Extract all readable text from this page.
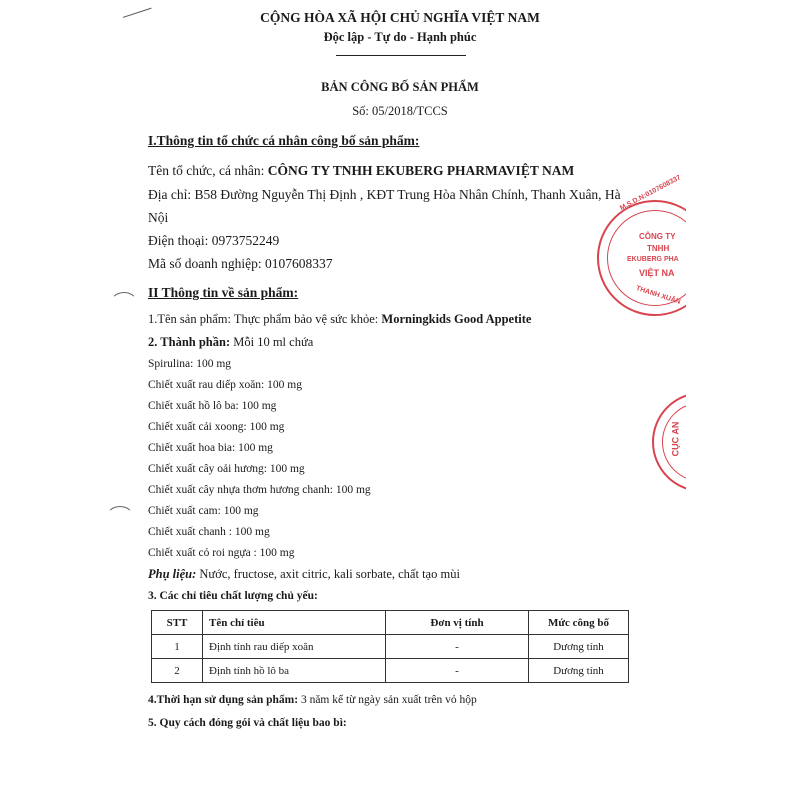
CỘNG HÒA XÃ HỘI CHỦ NGHĨA VIỆT NAM
Độc lập - Tự do - Hạnh phúc
BẢN CÔNG BỐ SẢN PHẨM
Số: 05/2018/TCCS
I.Thông tin tổ chức cá nhân công bố sản phẩm:
Tên tổ chức, cá nhân: CÔNG TY TNHH EKUBERG PHARMAVIỆT NAM
Địa chỉ: B58 Đường Nguyễn Thị Định , KĐT Trung Hòa Nhân Chính, Thanh Xuân, Hà
Nội
Điện thoại: 0973752249
Mã số doanh nghiệp: 0107608337
II Thông tin về sản phẩm:
1.Tên sản phẩm: Thực phẩm bảo vệ sức khỏe: Morningkids Good Appetite
2. Thành phần: Mỗi 10 ml chứa
Spirulina: 100 mg
Chiết xuất rau diếp xoăn: 100 mg
Chiết xuất hồ lô ba: 100 mg
Chiết xuất cải xoong: 100 mg
Chiết xuất hoa bia: 100 mg
Chiết xuất cây oải hương: 100 mg
Chiết xuất cây nhựa thơm hương chanh: 100 mg
Chiết xuất cam: 100 mg
Chiết xuất chanh : 100 mg
Chiết xuất cỏ roi ngựa : 100 mg
Phụ liệu: Nước, fructose, axit citric, kali sorbate, chất tạo mùi
3. Các chỉ tiêu chất lượng chủ yếu:
STT	Tên chỉ tiêu	Đơn vị tính	Mức công bố
1	Định tính rau diếp xoăn	-	Dương tính
2	Định tính hồ lô ba	-	Dương tính
4.Thời hạn sử dụng sản phẩm: 3 năm kể từ ngày sản xuất trên vỏ hộp
5. Quy cách đóng gói và chất liệu bao bì:
M.S.D.N:0107608337
CÔNG TY
TNHH
EKUBERG PHA
VIỆT NA
THANH XUÂN
CỤC AN
